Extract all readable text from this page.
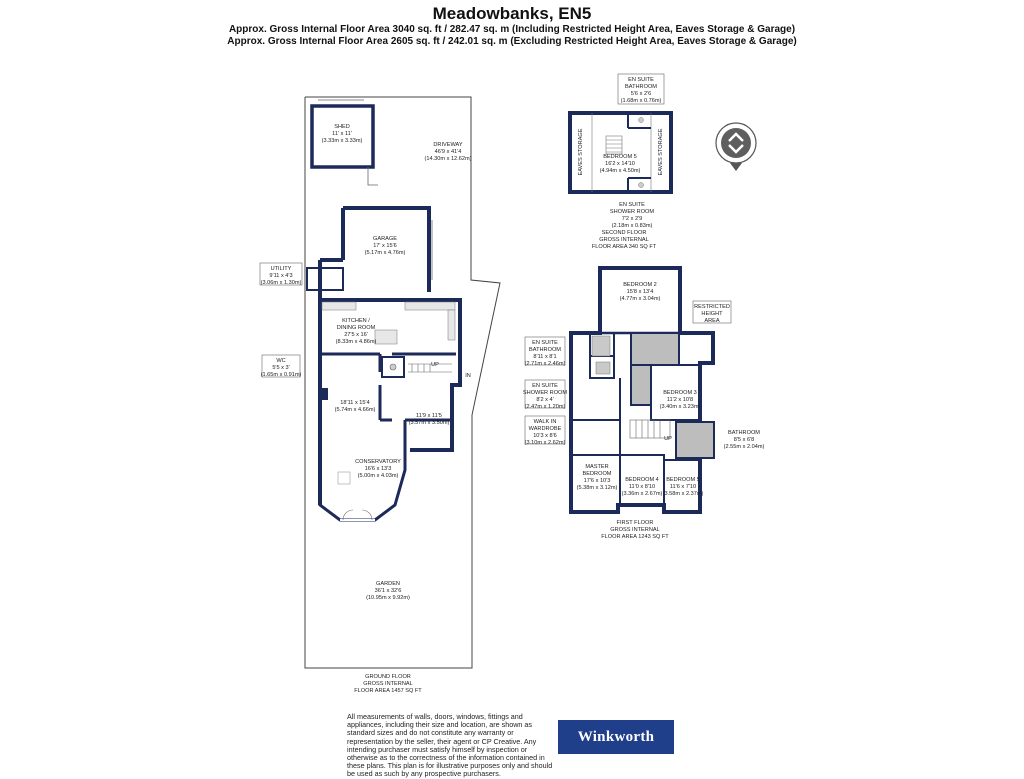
Meadowbanks, EN5
Approx. Gross Internal Floor Area 3040 sq. ft / 282.47 sq. m (Including Restricted Height Area, Eaves Storage & Garage)
Approx. Gross Internal Floor Area 2605 sq. ft / 242.01 sq. m (Excluding Restricted Height Area, Eaves Storage & Garage)
SHED
11' x 11'
(3.33m x 3.33m)
DRIVEWAY
46'9 x 41'4
(14.30m x 12.62m)
GARAGE
17' x 15'6
(5.17m x 4.76m)
UTILITY
9'11 x 4'3
(3.06m x 1.30m)
KITCHEN /
DINING ROOM
27'5 x 16'
(8.33m x 4.86m)
WC
5'5 x 3'
(1.65m x 0.91m)
18'11 x 15'4
(5.74m x 4.66m)
11'9 x 11'5
(3.57m x 3.50m)
CONSERVATORY
16'6 x 13'3
(5.00m x 4.03m)
GARDEN
36'1 x 32'6
(10.95m x 9.92m)
UP
IN
GROUND FLOOR
GROSS INTERNAL
FLOOR AREA 1457 SQ FT
EN SUITE
BATHROOM
5'6 x 2'6
(1.68m x 0.76m)
BEDROOM 5
16'2 x 14'10
(4.94m x 4.50m)
EAVES STORAGE	EAVES STORAGE
EN SUITE
SHOWER ROOM
7'2 x 2'9
(2.18m x 0.83m)
SECOND FLOOR
GROSS INTERNAL
FLOOR AREA 340 SQ FT
BEDROOM 2
15'8 x 13'4
(4.77m x 3.04m)
RESTRICTED
HEIGHT
AREA
EN SUITE
BATHROOM
8'11 x 8'1
(2.71m x 2.46m)
EN SUITE
SHOWER ROOM
8'2 x 4'
(2.47m x 1.20m)
WALK IN
WARDROBE
10'3 x 8'6
(3.10m x 2.62m)
BEDROOM 3
11'2 x 10'8
(3.40m x 3.23m)
BATHROOM
8'5 x 6'8
(2.55m x 2.04m)
MASTER
BEDROOM
17'6 x 10'3
(5.38m x 3.12m)
BEDROOM 4
11'0 x 8'10
(3.36m x 2.67m)
BEDROOM 5
11'6 x 7'10
(3.58m x 2.37m)
UP
FIRST FLOOR
GROSS INTERNAL
FLOOR AREA 1243 SQ FT
All measurements of walls, doors, windows, fittings and appliances, including their size and location, are shown as standard sizes and do not constitute any warranty or representation by the seller, their agent or CP Creative. Any intending purchaser must satisfy himself by inspection or otherwise as to the correctness of the information contained in these plans. This plan is for illustrative purposes only and should be used as such by any prospective purchasers.
Winkworth
